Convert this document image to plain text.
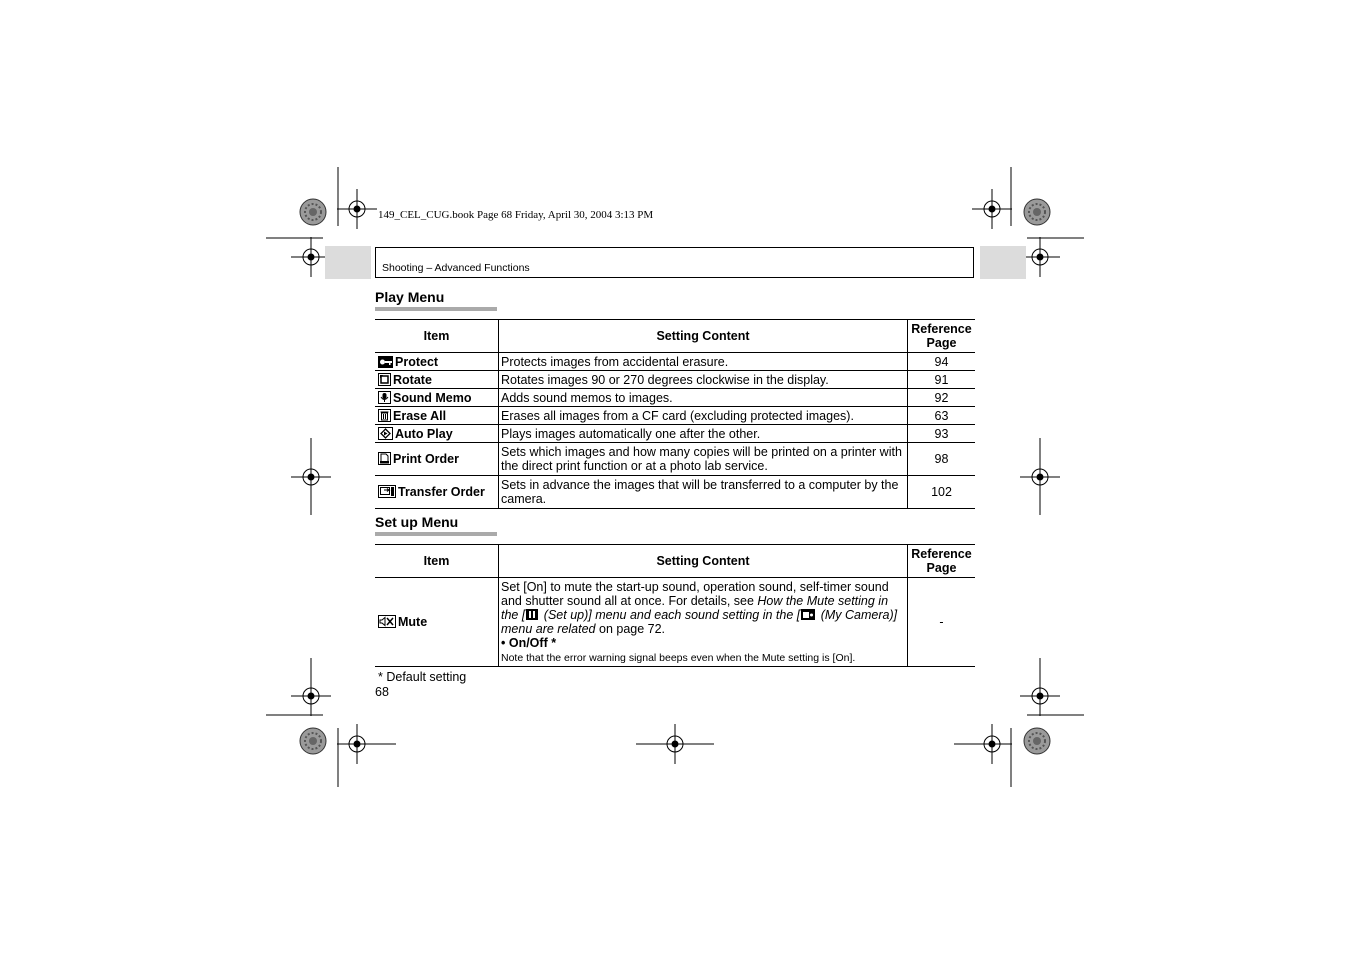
149_CEL_CUG.book Page 68 Friday, April 30, 2004 3:13 PM
Shooting – Advanced Functions
Play Menu
Item	Setting Content	Reference Page
Protect	Protects images from accidental erasure.	94
Rotate	Rotates images 90 or 270 degrees clockwise in the display.	91
Sound Memo	Adds sound memos to images.	92
Erase All	Erases all images from a CF card (excluding protected images).	63
Auto Play	Plays images automatically one after the other.	93
Print Order	Sets which images and how many copies will be printed on a printer with the direct print function or at a photo lab service.	98
Transfer Order	Sets in advance the images that will be transferred to a computer by the camera.	102
Set up Menu
Item	Setting Content	Reference Page
Mute	Set [On] to mute the start-up sound, operation sound, self-timer sound and shutter sound all at once. For details, see How the Mute setting in the [ (Set up)] menu and each sound setting in the [ (My Camera)] menu are related on page 72.
• On/Off *
Note that the error warning signal beeps even when the Mute setting is [On].	-
* Default setting
68
